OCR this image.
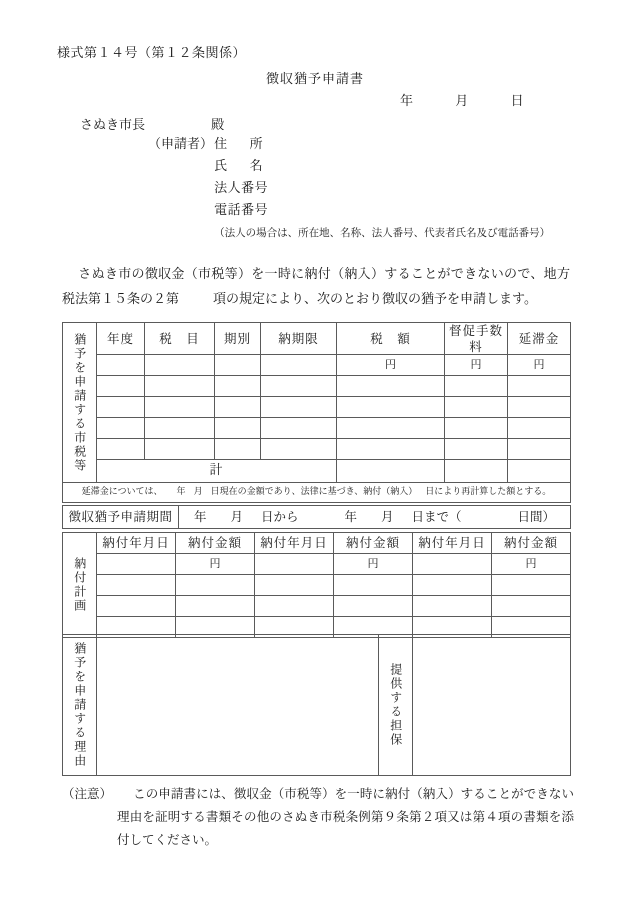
様式第１４号（第１２条関係）
徴収猶予申請書
年	月	日
さぬき市長	殿
（申請者） 住 所
氏 名
法人番号
電話番号
（法人の場合は、所在地、名称、法人番号、代表者氏名及び電話番号）
さぬき市の徴収金（市税等）を一時に納付（納入）することができないので、地方税法第１５条の２第	項の規定により、次のとおり徴収の猶予を申請します。
猶予を申請する市税等	年度	税　目	期別	納期限	税　額	督促手数料	延滞金
					円	円	円

	計						
延滞金については、 年 月 日現在の金額であり、法律に基づき、納付（納入） 日により再計算した額とする。							
徴収猶予申請期間	年 月 日から	年 月 日まで（	日間）
納付計画	納付年月日	納付金額	納付年月日	納付金額	納付年月日	納付金額
		円		円		円

猶予を申請する理由		提供する担保

（注意）	この申請書には、徴収金（市税等）を一時に納付（納入）することができない理由を証明する書類その他のさぬき市税条例第９条第２項又は第４項の書類を添付してください。
